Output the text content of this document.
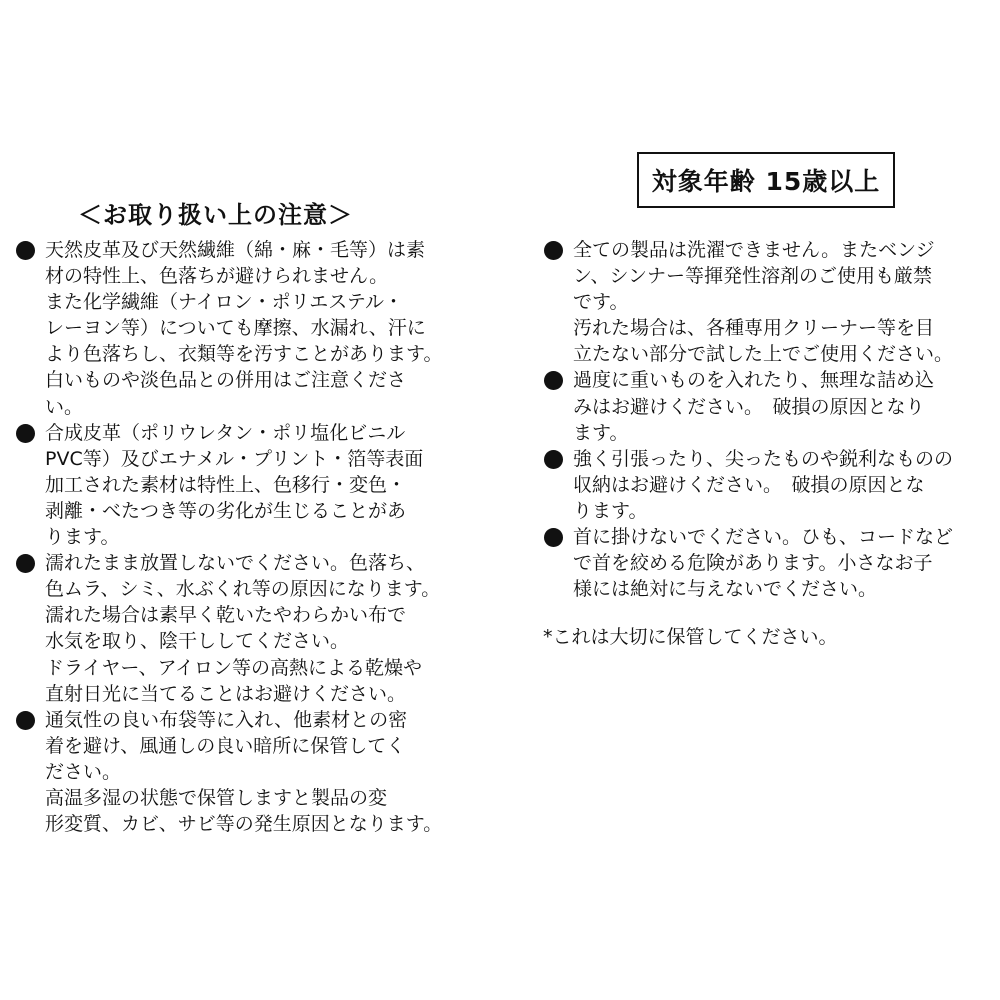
対象年齢 15歳以上
＜お取り扱い上の注意＞
天然皮革及び天然繊維（綿・麻・毛等）は素
材の特性上、色落ちが避けられません。
また化学繊維（ナイロン・ポリエステル・
レーヨン等）についても摩擦、水漏れ、汗に
より色落ちし、衣類等を汚すことがあります。
白いものや淡色品との併用はご注意くださ
い。
合成皮革（ポリウレタン・ポリ塩化ビニル
PVC等）及びエナメル・プリント・箔等表面
加工された素材は特性上、色移行・変色・
剥離・べたつき等の劣化が生じることがあ
ります。
濡れたまま放置しないでください。色落ち、
色ムラ、シミ、水ぶくれ等の原因になります。
濡れた場合は素早く乾いたやわらかい布で
水気を取り、陰干ししてください。
ドライヤー、アイロン等の高熱による乾燥や
直射日光に当てることはお避けください。
通気性の良い布袋等に入れ、他素材との密
着を避け、風通しの良い暗所に保管してく
ださい。
高温多湿の状態で保管しますと製品の変
形変質、カビ、サビ等の発生原因となります。
全ての製品は洗濯できません。またベンジ
ン、シンナー等揮発性溶剤のご使用も厳禁
です。
汚れた場合は、各種専用クリーナー等を目
立たない部分で試した上でご使用ください。
過度に重いものを入れたり、無理な詰め込
みはお避けください。　破損の原因となり
ます。
強く引張ったり、尖ったものや鋭利なものの
収納はお避けください。　破損の原因とな
ります。
首に掛けないでください。ひも、コードなど
で首を絞める危険があります。小さなお子
様には絶対に与えないでください。
*これは大切に保管してください。
